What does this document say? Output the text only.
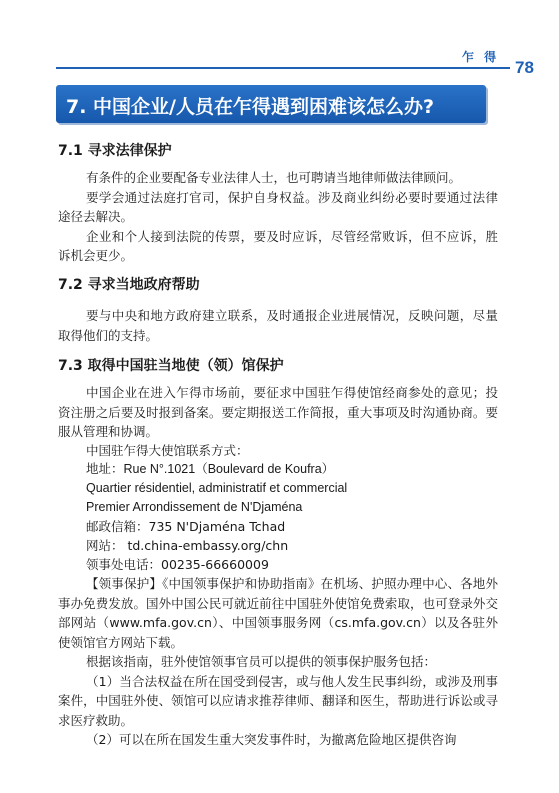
乍 得
78
7. 中国企业/人员在乍得遇到困难该怎么办?
7.1 寻求法律保护

有条件的企业要配备专业法律人士，也可聘请当地律师做法律顾问。

要学会通过法庭打官司，保护自身权益。涉及商业纠纷必要时要通过法律途径去解决。

企业和个人接到法院的传票，要及时应诉，尽管经常败诉，但不应诉，胜诉机会更少。

7.2 寻求当地政府帮助

要与中央和地方政府建立联系，及时通报企业进展情况，反映问题，尽量取得他们的支持。

7.3 取得中国驻当地使（领）馆保护

中国企业在进入乍得市场前，要征求中国驻乍得使馆经商参处的意见；投资注册之后要及时报到备案。要定期报送工作简报，重大事项及时沟通协商。要服从管理和协调。

中国驻乍得大使馆联系方式：
地址：Rue N°.1021（Boulevard de Koufra）
Quartier résidentiel, administratif et commercial
Premier Arrondissement de N'Djaména
邮政信箱：735 N'Djaména Tchad
网站： td.china-embassy.org/chn
领事处电话：00235-66660009

【领事保护】《中国领事保护和协助指南》在机场、护照办理中心、各地外事办免费发放。国外中国公民可就近前往中国驻外使馆免费索取，也可登录外交部网站（www.mfa.gov.cn）、中国领事服务网（cs.mfa.gov.cn）以及各驻外使领馆官方网站下载。

根据该指南，驻外使馆领事官员可以提供的领事保护服务包括：

（1）当合法权益在所在国受到侵害，或与他人发生民事纠纷，或涉及刑事案件，中国驻外使、领馆可以应请求推荐律师、翻译和医生，帮助进行诉讼或寻求医疗救助。

（2）可以在所在国发生重大突发事件时，为撤离危险地区提供咨询
